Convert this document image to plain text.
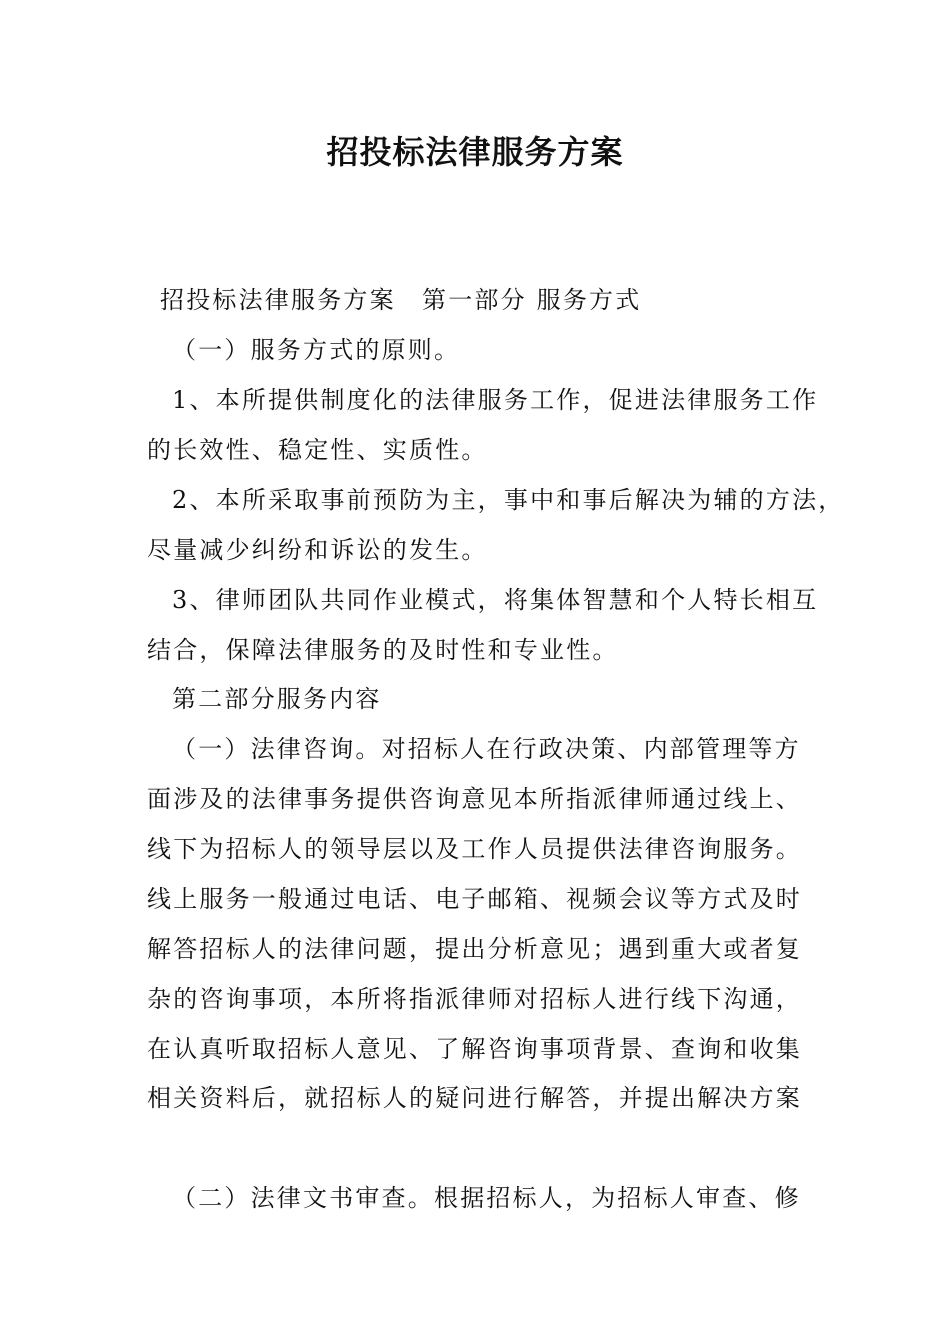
招投标法律服务方案
招投标法律服务方案　第一部分 服务方式
（一）服务方式的原则。
1、本所提供制度化的法律服务工作，促进法律服务工作
的长效性、稳定性、实质性。
2、本所采取事前预防为主，事中和事后解决为辅的方法，
尽量减少纠纷和诉讼的发生。
3、律师团队共同作业模式，将集体智慧和个人特长相互
结合，保障法律服务的及时性和专业性。
第二部分服务内容
（一）法律咨询。对招标人在行政决策、内部管理等方
面涉及的法律事务提供咨询意见本所指派律师通过线上、
线下为招标人的领导层以及工作人员提供法律咨询服务。
线上服务一般通过电话、电子邮箱、视频会议等方式及时
解答招标人的法律问题，提出分析意见；遇到重大或者复
杂的咨询事项，本所将指派律师对招标人进行线下沟通，
在认真听取招标人意见、了解咨询事项背景、查询和收集
相关资料后，就招标人的疑问进行解答，并提出解决方案
（二）法律文书审查。根据招标人，为招标人审查、修
